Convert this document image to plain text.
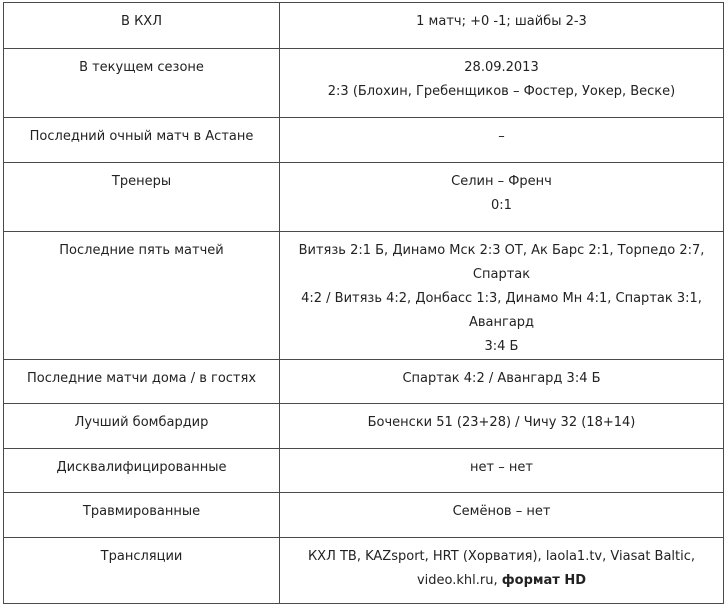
В КХЛ	1 матч; +0 -1; шайбы 2-3

В текущем сезоне	28.09.2013
2:3 (Блохин, Гребенщиков – Фостер, Уокер, Веске)

Последний очный матч в Астане	–

Тренеры	Селин – Френч
0:1

Последние пять матчей	Витязь 2:1 Б, Динамо Мск 2:3 ОТ, Ак Барс 2:1, Торпедо 2:7, Спартак
4:2 / Витязь 4:2, Донбасс 1:3, Динамо Мн 4:1, Спартак 3:1, Авангард
3:4 Б

Последние матчи дома / в гостях	Спартак 4:2 / Авангард 3:4 Б

Лучший бомбардир	Боченски 51 (23+28) / Чичу 32 (18+14)

Дисквалифицированные	нет – нет

Травмированные	Семёнов – нет

Трансляции	КХЛ ТВ, KAZsport, HRT (Хорватия), laola1.tv, Viasat Baltic,
video.khl.ru, формат HD
